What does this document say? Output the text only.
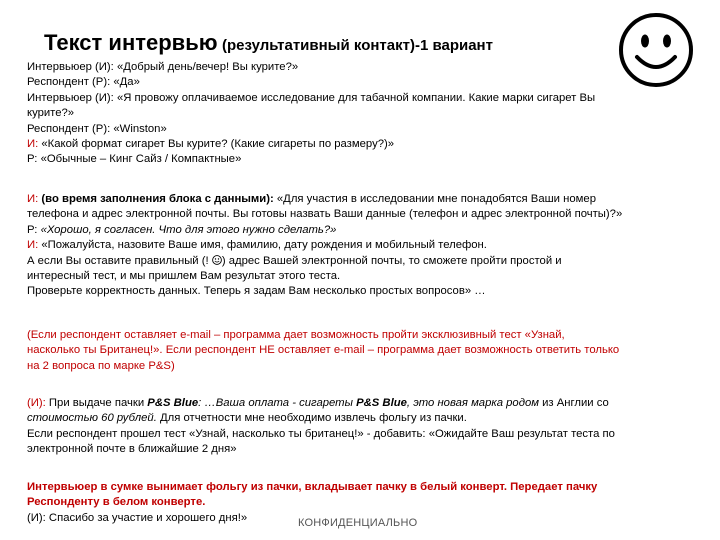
Текст интервью (результативный контакт)-1 вариант
Интервьюер (И): «Добрый день/вечер! Вы курите?»
Респондент (Р): «Да»
Интервьюер (И): «Я провожу оплачиваемое исследование для табачной компании. Какие марки сигарет Вы
курите?»
Респондент (Р): «Winston»
И: «Какой формат сигарет Вы курите? (Какие сигареты по размеру?)»
Р: «Обычные – Кинг Сайз / Компактные»
И: (во время заполнения блока с данными): «Для участия в исследовании мне понадобятся Ваши номер
телефона и адрес электронной почты. Вы готовы назвать Ваши данные (телефон и адрес электронной почты)?»
Р: «Хорошо, я согласен. Что для этого нужно сделать?»
И: «Пожалуйста, назовите Ваше имя, фамилию, дату рождения и мобильный телефон.
А если Вы оставите правильный (! ) адрес Вашей электронной почты, то сможете пройти простой и
интересный тест, и мы пришлем Вам результат этого теста.
Проверьте корректность данных. Теперь я задам Вам несколько простых вопросов» …
(Если респондент оставляет e-mail – программа дает возможность пройти эксклюзивный тест «Узнай,
насколько ты Британец!». Если респондент НЕ оставляет e-mail – программа дает возможность ответить только
на 2 вопроса по марке P&S)
(И): При выдаче пачки P&S Blue: …Ваша оплата - сигареты P&S Blue, это новая марка родом из Англии со
стоимостью 60 рублей. Для отчетности мне необходимо извлечь фольгу из пачки.
Если респондент прошел тест «Узнай, насколько ты британец!» - добавить: «Ожидайте Ваш результат теста по
электронной почте в ближайшие 2 дня»
Интервьюер в сумке вынимает фольгу из пачки, вкладывает пачку в белый конверт. Передает пачку
Респонденту в белом конверте.
(И): Спасибо за участие и хорошего дня!»	КОНФИДЕНЦИАЛЬНО
